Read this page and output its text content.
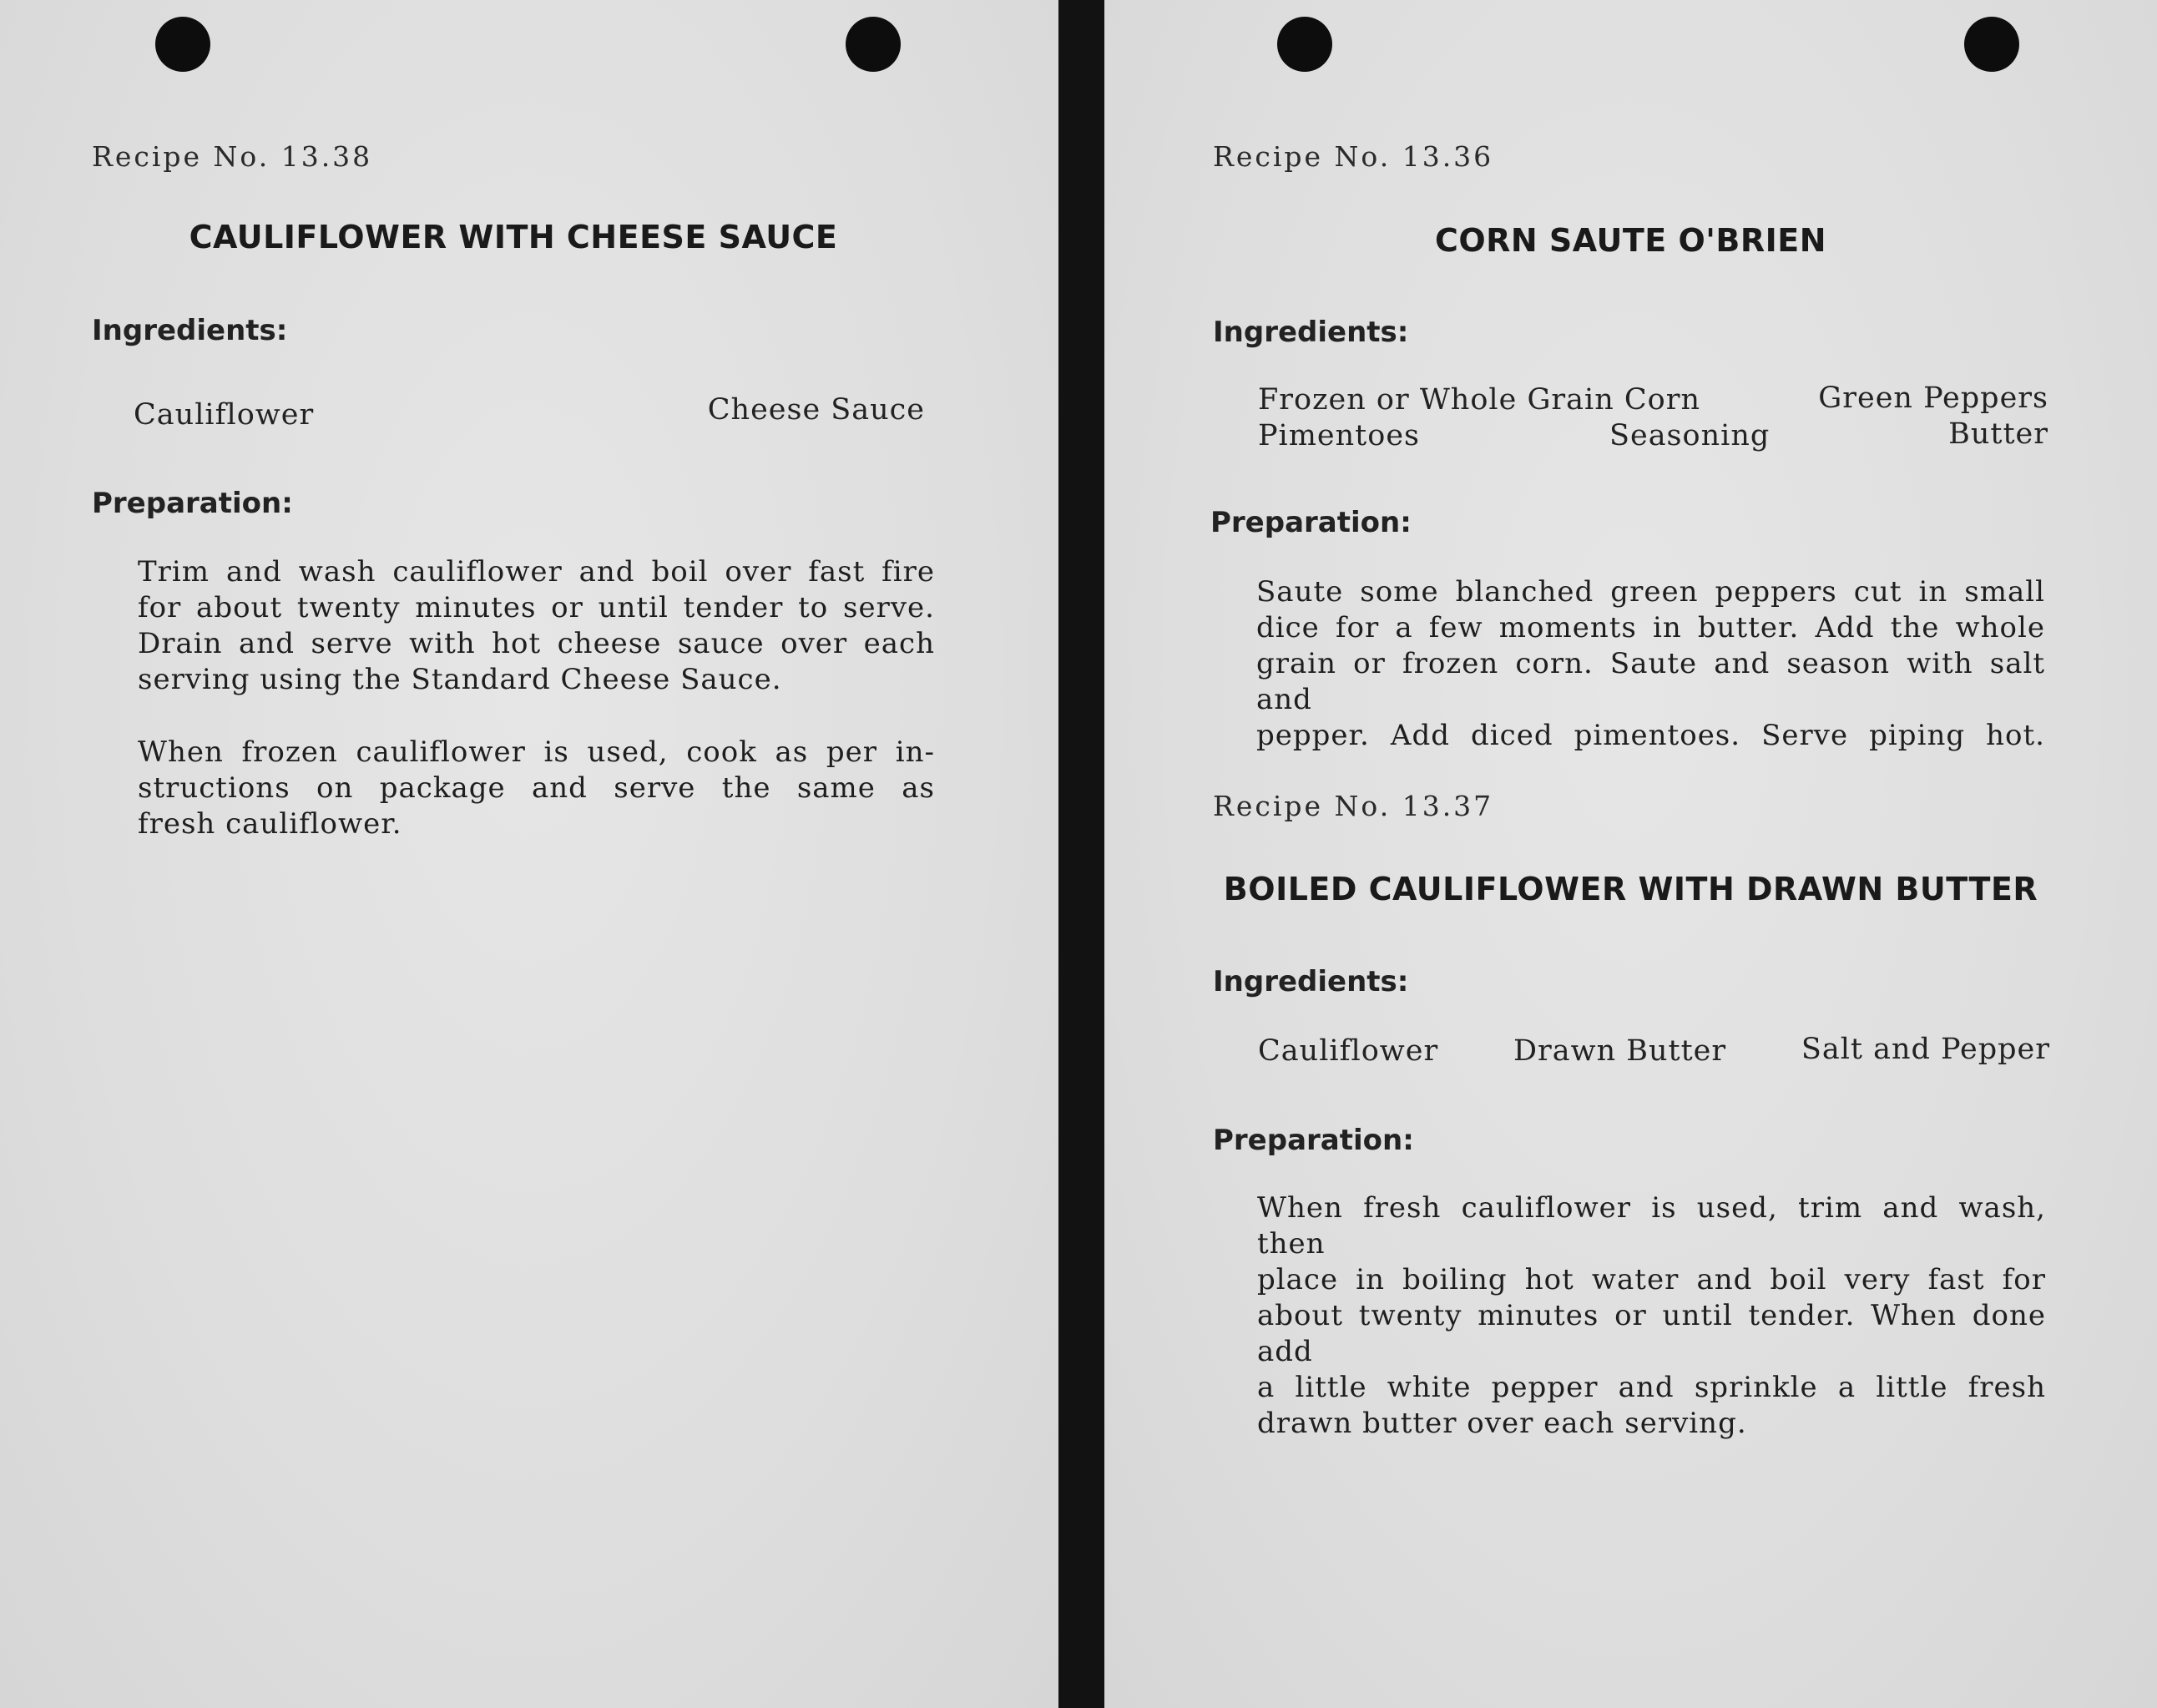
Recipe No. 13.38

CAULIFLOWER WITH CHEESE SAUCE

Ingredients:

Cauliflower	Cheese Sauce

Preparation:

Trim and wash cauliflower and boil over fast fire
for about twenty minutes or until tender to serve.
Drain and serve with hot cheese sauce over each
serving using the Standard Cheese Sauce.
When frozen cauliflower is used, cook as per in-
structions on package and serve the same as
fresh cauliflower.

Recipe No. 13.36

CORN SAUTE O'BRIEN

Ingredients:

Frozen or Whole Grain Corn	Green Peppers

Pimentoes	Seasoning	Butter

Preparation:

Saute some blanched green peppers cut in small
dice for a few moments in butter. Add the whole
grain or frozen corn. Saute and season with salt and
pepper. Add diced pimentoes. Serve piping hot.

Recipe No. 13.37

BOILED CAULIFLOWER WITH DRAWN BUTTER

Ingredients:

Cauliflower	Drawn Butter	Salt and Pepper

Preparation:

When fresh cauliflower is used, trim and wash, then
place in boiling hot water and boil very fast for
about twenty minutes or until tender. When done add
a little white pepper and sprinkle a little fresh
drawn butter over each serving.
